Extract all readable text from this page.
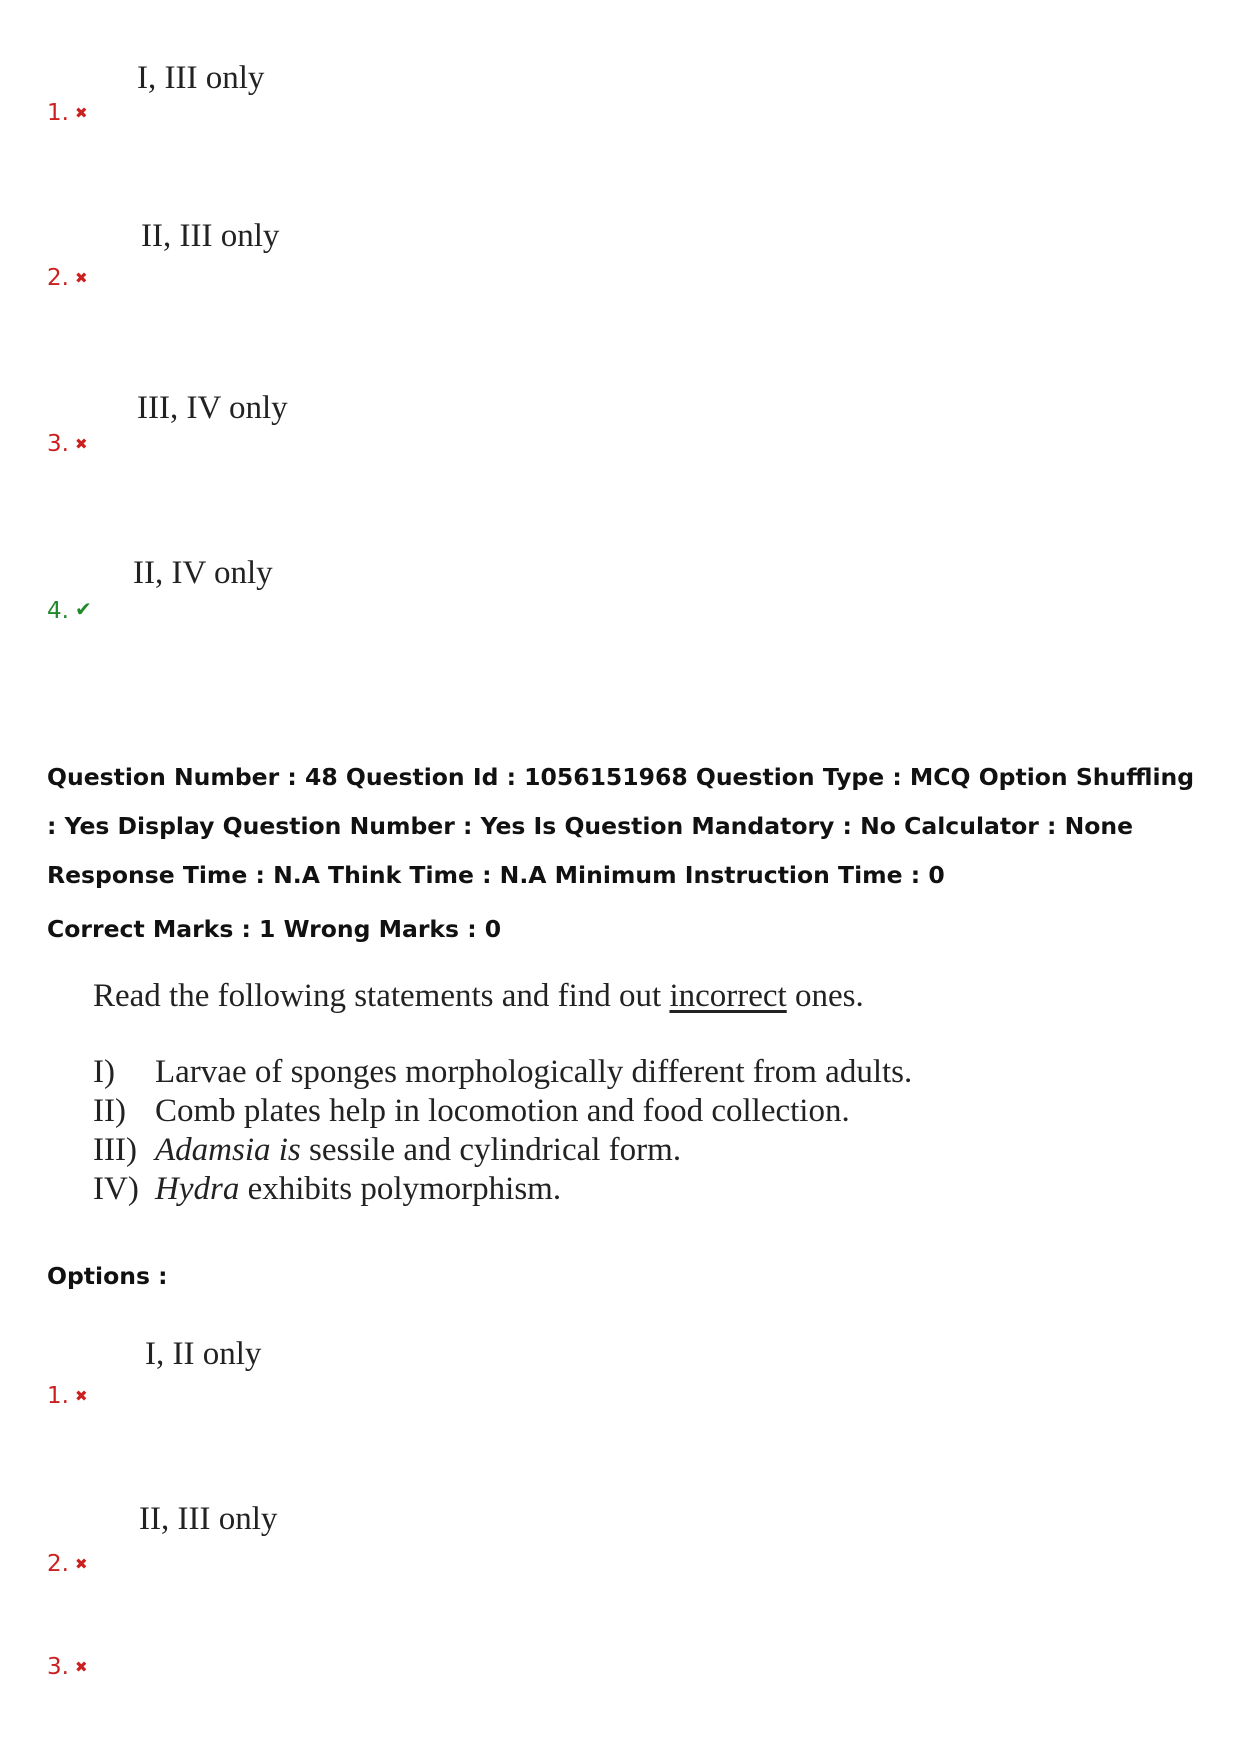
I, III only
1. ✖
II, III only
2. ✖
III, IV only
3. ✖
II, IV only
4. ✔
Question Number : 48 Question Id : 1056151968 Question Type : MCQ Option Shuffling : Yes Display Question Number : Yes Is Question Mandatory : No Calculator : None Response Time : N.A Think Time : N.A Minimum Instruction Time : 0
Correct Marks : 1 Wrong Marks : 0
Read the following statements and find out incorrect ones.
I)	Larvae of sponges morphologically different from adults.
II) Comb plates help in locomotion and food collection.
III) Adamsia is sessile and cylindrical form.
IV) Hydra exhibits polymorphism.
Options :
I, II only
1. ✖
II, III only
2. ✖
3. ✖
